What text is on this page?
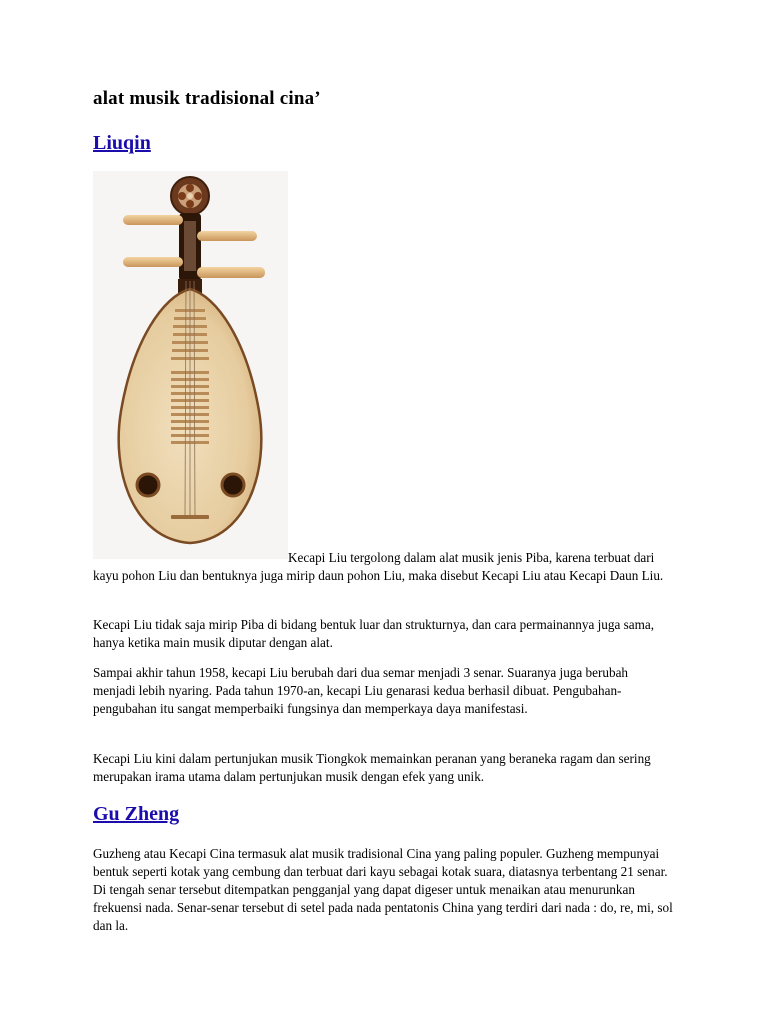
alat musik tradisional cina’
Liuqin

Kecapi Liu tergolong dalam alat musik jenis Piba, karena terbuat dari kayu pohon Liu dan bentuknya juga mirip daun pohon Liu, maka disebut Kecapi Liu atau Kecapi Daun Liu.

Kecapi Liu tidak saja mirip Piba di bidang bentuk luar dan strukturnya, dan cara permainannya juga sama, hanya ketika main musik diputar dengan alat.

Sampai akhir tahun 1958, kecapi Liu berubah dari dua semar menjadi 3 senar. Suaranya juga berubah menjadi lebih nyaring. Pada tahun 1970-an, kecapi Liu genarasi kedua berhasil dibuat. Pengubahan-pengubahan itu sangat memperbaiki fungsinya dan memperkaya daya manifestasi.

Kecapi Liu kini dalam pertunjukan musik Tiongkok memainkan peranan yang beraneka ragam dan sering merupakan irama utama dalam pertunjukan musik dengan efek yang unik.

Gu Zheng

Guzheng atau Kecapi Cina termasuk alat musik tradisional Cina yang paling populer. Guzheng mempunyai bentuk seperti kotak yang cembung dan terbuat dari kayu sebagai kotak suara, diatasnya terbentang 21 senar. Di tengah senar tersebut ditempatkan pengganjal yang dapat digeser untuk menaikan atau menurunkan frekuensi nada. Senar-senar tersebut di setel pada nada pentatonis China yang terdiri dari nada : do, re, mi, sol dan la.
